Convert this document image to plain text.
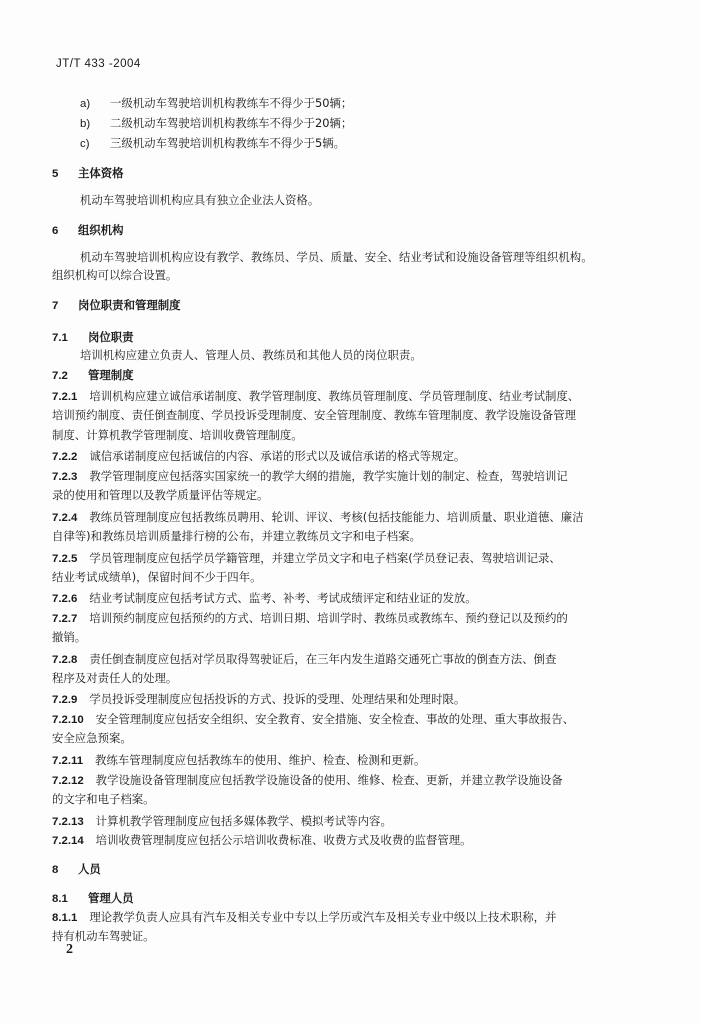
JT/T 433 -2004
a) 一级机动车驾驶培训机构教练车不得少于50辆；
b) 二级机动车驾驶培训机构教练车不得少于20辆；
c) 三级机动车驾驶培训机构教练车不得少于5辆。
5 主体资格
机动车驾驶培训机构应具有独立企业法人资格。
6 组织机构
机动车驾驶培训机构应设有教学、教练员、学员、质量、安全、结业考试和设施设备管理等组织机构。
组织机构可以综合设置。
7 岗位职责和管理制度
7.1 岗位职责
培训机构应建立负责人、管理人员、教练员和其他人员的岗位职责。
7.2 管理制度
7.2.1 培训机构应建立诚信承诺制度、教学管理制度、教练员管理制度、学员管理制度、结业考试制度、
培训预约制度、责任倒查制度、学员投诉受理制度、安全管理制度、教练车管理制度、教学设施设备管理
制度、计算机教学管理制度、培训收费管理制度。
7.2.2 诚信承诺制度应包括诚信的内容、承诺的形式以及诚信承诺的格式等规定。
7.2.3 教学管理制度应包括落实国家统一的教学大纲的措施，教学实施计划的制定、检查，驾驶培训记
录的使用和管理以及教学质量评估等规定。
7.2.4 教练员管理制度应包括教练员聘用、轮训、评议、考核(包括技能能力、培训质量、职业道德、廉洁
自律等)和教练员培训质量排行榜的公布，并建立教练员文字和电子档案。
7.2.5 学员管理制度应包括学员学籍管理，并建立学员文字和电子档案(学员登记表、驾驶培训记录、
结业考试成绩单)，保留时间不少于四年。
7.2.6 结业考试制度应包括考试方式、监考、补考、考试成绩评定和结业证的发放。
7.2.7 培训预约制度应包括预约的方式、培训日期、培训学时、教练员或教练车、预约登记以及预约的
撤销。
7.2.8 责任倒查制度应包括对学员取得驾驶证后，在三年内发生道路交通死亡事故的倒查方法、倒查
程序及对责任人的处理。
7.2.9 学员投诉受理制度应包括投诉的方式、投诉的受理、处理结果和处理时限。
7.2.10 安全管理制度应包括安全组织、安全教育、安全措施、安全检查、事故的处理、重大事故报告、
安全应急预案。
7.2.11 教练车管理制度应包括教练车的使用、维护、检查、检测和更新。
7.2.12 教学设施设备管理制度应包括教学设施设备的使用、维修、检查、更新，并建立教学设施设备
的文字和电子档案。
7.2.13 计算机教学管理制度应包括多媒体教学、模拟考试等内容。
7.2.14 培训收费管理制度应包括公示培训收费标准、收费方式及收费的监督管理。
8 人员
8.1 管理人员
8.1.1 理论教学负责人应具有汽车及相关专业中专以上学历或汽车及相关专业中级以上技术职称，并
持有机动车驾驶证。
2
